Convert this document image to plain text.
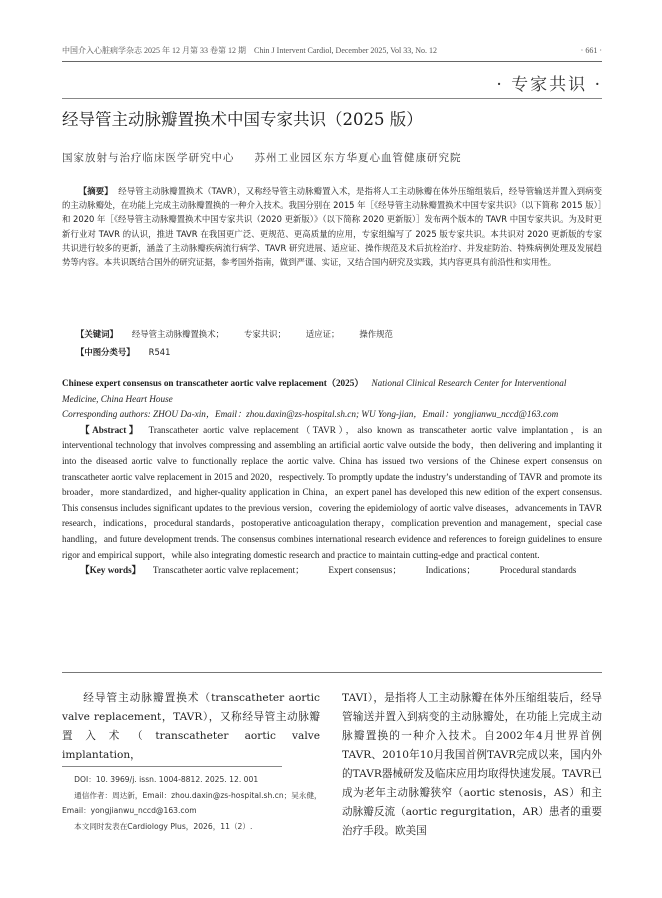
中国介入心脏病学杂志 2025 年 12 月第 33 卷第 12 期　Chin J Intervent Cardiol, December 2025, Vol 33, No. 12	· 661 ·
· 专家共识 ·
经导管主动脉瓣置换术中国专家共识（2025 版）
国家放射与治疗临床医学研究中心 苏州工业园区东方华夏心血管健康研究院
【摘要】 经导管主动脉瓣置换术（TAVR），又称经导管主动脉瓣置入术，是指将人工主动脉瓣在体外压缩组装后，经导管输送并置入到病变的主动脉瓣处，在功能上完成主动脉瓣置换的一种介入技术。我国分别在 2015 年［《经导管主动脉瓣置换术中国专家共识》（以下简称 2015 版）］和 2020 年［《经导管主动脉瓣置换术中国专家共识（2020 更新版）》（以下简称 2020 更新版）］发布两个版本的 TAVR 中国专家共识。为及时更新行业对 TAVR 的认识，推进 TAVR 在我国更广泛、更规范、更高质量的应用，专家组编写了 2025 版专家共识。本共识对 2020 更新版的专家共识进行较多的更新，涵盖了主动脉瓣疾病流行病学、TAVR 研究进展、适应证、操作规范及术后抗栓治疗、并发症防治、特殊病例处理及发展趋势等内容。本共识既结合国外的研究证据，参考国外指南，做到严谨、实证，又结合国内研究及实践，其内容更具有前沿性和实用性。
【关键词】 经导管主动脉瓣置换术； 专家共识； 适应证； 操作规范
【中图分类号】 R541
Chinese expert consensus on transcatheter aortic valve replacement（2025） National Clinical Research Center for Interventional Medicine, China Heart House
Corresponding authors: ZHOU Da-xin，Email：zhou.daxin@zs-hospital.sh.cn; WU Yong-jian，Email：yongjianwu_nccd@163.com
【Abstract】 Transcatheter aortic valve replacement（TAVR），also known as transcatheter aortic valve implantation，is an interventional technology that involves compressing and assembling an artificial aortic valve outside the body，then delivering and implanting it into the diseased aortic valve to functionally replace the aortic valve. China has issued two versions of the Chinese expert consensus on transcatheter aortic valve replacement in 2015 and 2020，respectively. To promptly update the industry’s understanding of TAVR and promote its broader，more standardized，and higher-quality application in China，an expert panel has developed this new edition of the expert consensus. This consensus includes significant updates to the previous version，covering the epidemiology of aortic valve diseases，advancements in TAVR research，indications，procedural standards，postoperative anticoagulation therapy，complication prevention and management，special case handling，and future development trends. The consensus combines international research evidence and references to foreign guidelines to ensure rigor and empirical support，while also integrating domestic research and practice to maintain cutting-edge and practical content.
【Key words】 Transcatheter aortic valve replacement；	Expert consensus；	Indications；	Procedural standards
经导管主动脉瓣置换术（transcatheter aortic valve replacement，TAVR），又称经导管主动脉瓣置入术（transcatheter aortic valve implantation，
DOI：10. 3969/j. issn. 1004-8812. 2025. 12. 001
通信作者：周达新，Email：zhou.daxin@zs-hospital.sh.cn；吴永健，
Email：yongjianwu_nccd@163.com
本文同时发表在Cardiology Plus，2026，11（2）.
TAVI），是指将人工主动脉瓣在体外压缩组装后，经导管输送并置入到病变的主动脉瓣处，在功能上完成主动脉瓣置换的一种介入技术。自2002年4月世界首例TAVR、2010年10月我国首例TAVR完成以来，国内外的TAVR器械研发及临床应用均取得快速发展。TAVR已成为老年主动脉瓣狭窄（aortic stenosis，AS）和主动脉瓣反流（aortic regurgitation，AR）患者的重要治疗手段。欧美国
